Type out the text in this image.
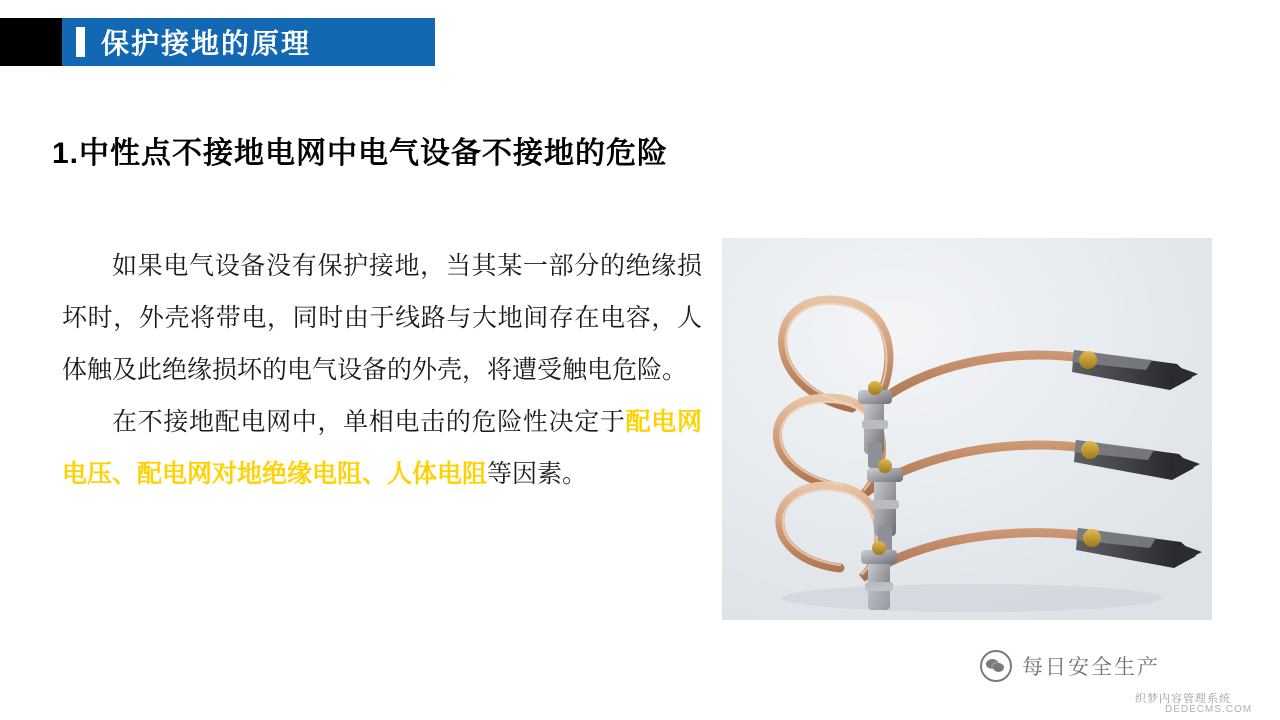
保护接地的原理
1.中性点不接地电网中电气设备不接地的危险

如果电气设备没有保护接地，当其某一部分的绝缘损坏时，外壳将带电，同时由于线路与大地间存在电容，人体触及此绝缘损坏的电气设备的外壳，将遭受触电危险。

在不接地配电网中，单相电击的危险性决定于配电网电压、配电网对地绝缘电阻、人体电阻等因素。

每日安全生产
织梦内容管理系统
DEDECMS.COM
